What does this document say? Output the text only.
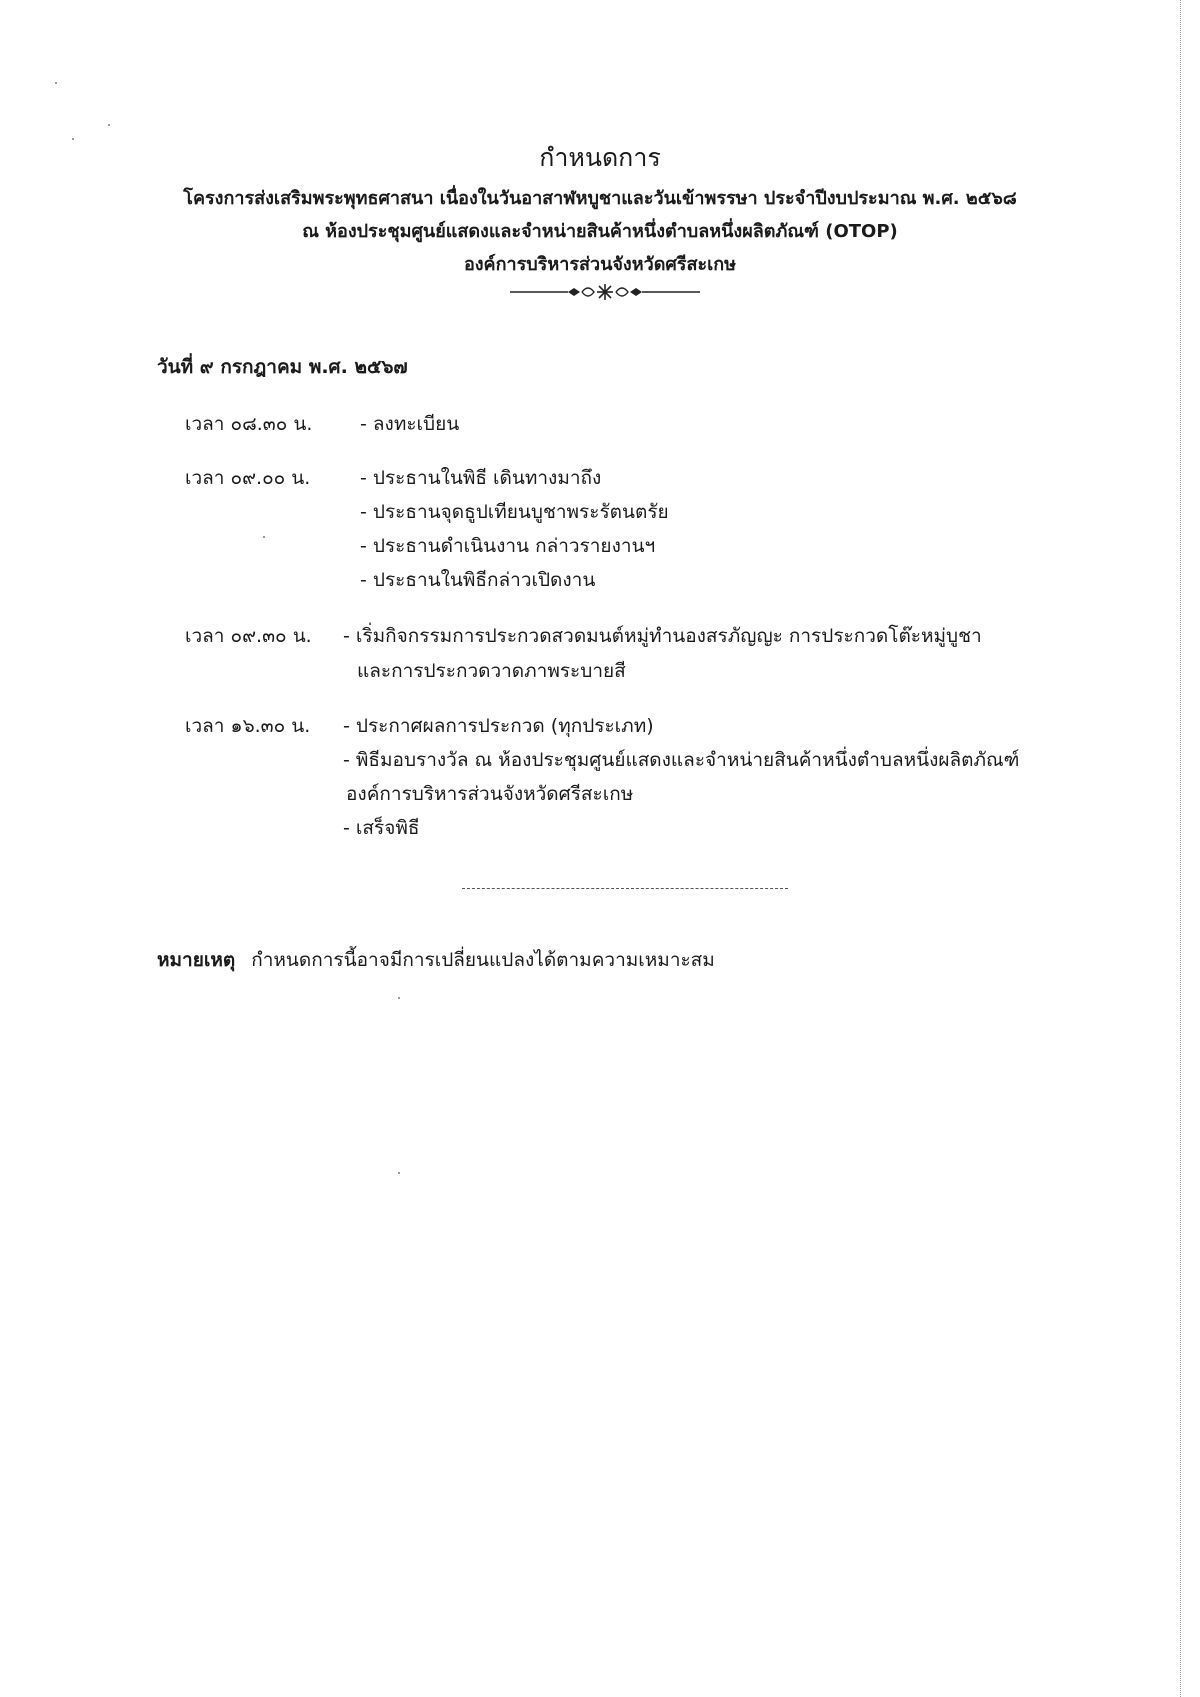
กำหนดการ
โครงการส่งเสริมพระพุทธศาสนา เนื่องในวันอาสาฬหบูชาและวันเข้าพรรษา ประจำปีงบประมาณ พ.ศ. ๒๕๖๘
ณ ห้องประชุมศูนย์แสดงและจำหน่ายสินค้าหนึ่งตำบลหนึ่งผลิตภัณฑ์ (OTOP)
องค์การบริหารส่วนจังหวัดศรีสะเกษ
วันที่ ๙ กรกฎาคม พ.ศ. ๒๕๖๗
เวลา ๐๘.๓๐ น.	- ลงทะเบียน
เวลา ๐๙.๐๐ น.	- ประธานในพิธี เดินทางมาถึง
- ประธานจุดธูปเทียนบูชาพระรัตนตรัย
- ประธานดำเนินงาน กล่าวรายงานฯ
- ประธานในพิธีกล่าวเปิดงาน
เวลา ๐๙.๓๐ น. - เริ่มกิจกรรมการประกวดสวดมนต์หมู่ทำนองสรภัญญะ การประกวดโต๊ะหมู่บูชา
และการประกวดวาดภาพระบายสี
เวลา ๑๖.๓๐ น. - ประกาศผลการประกวด (ทุกประเภท)
- พิธีมอบรางวัล ณ ห้องประชุมศูนย์แสดงและจำหน่ายสินค้าหนึ่งตำบลหนึ่งผลิตภัณฑ์
องค์การบริหารส่วนจังหวัดศรีสะเกษ
- เสร็จพิธี
หมายเหตุ กำหนดการนี้อาจมีการเปลี่ยนแปลงได้ตามความเหมาะสม
